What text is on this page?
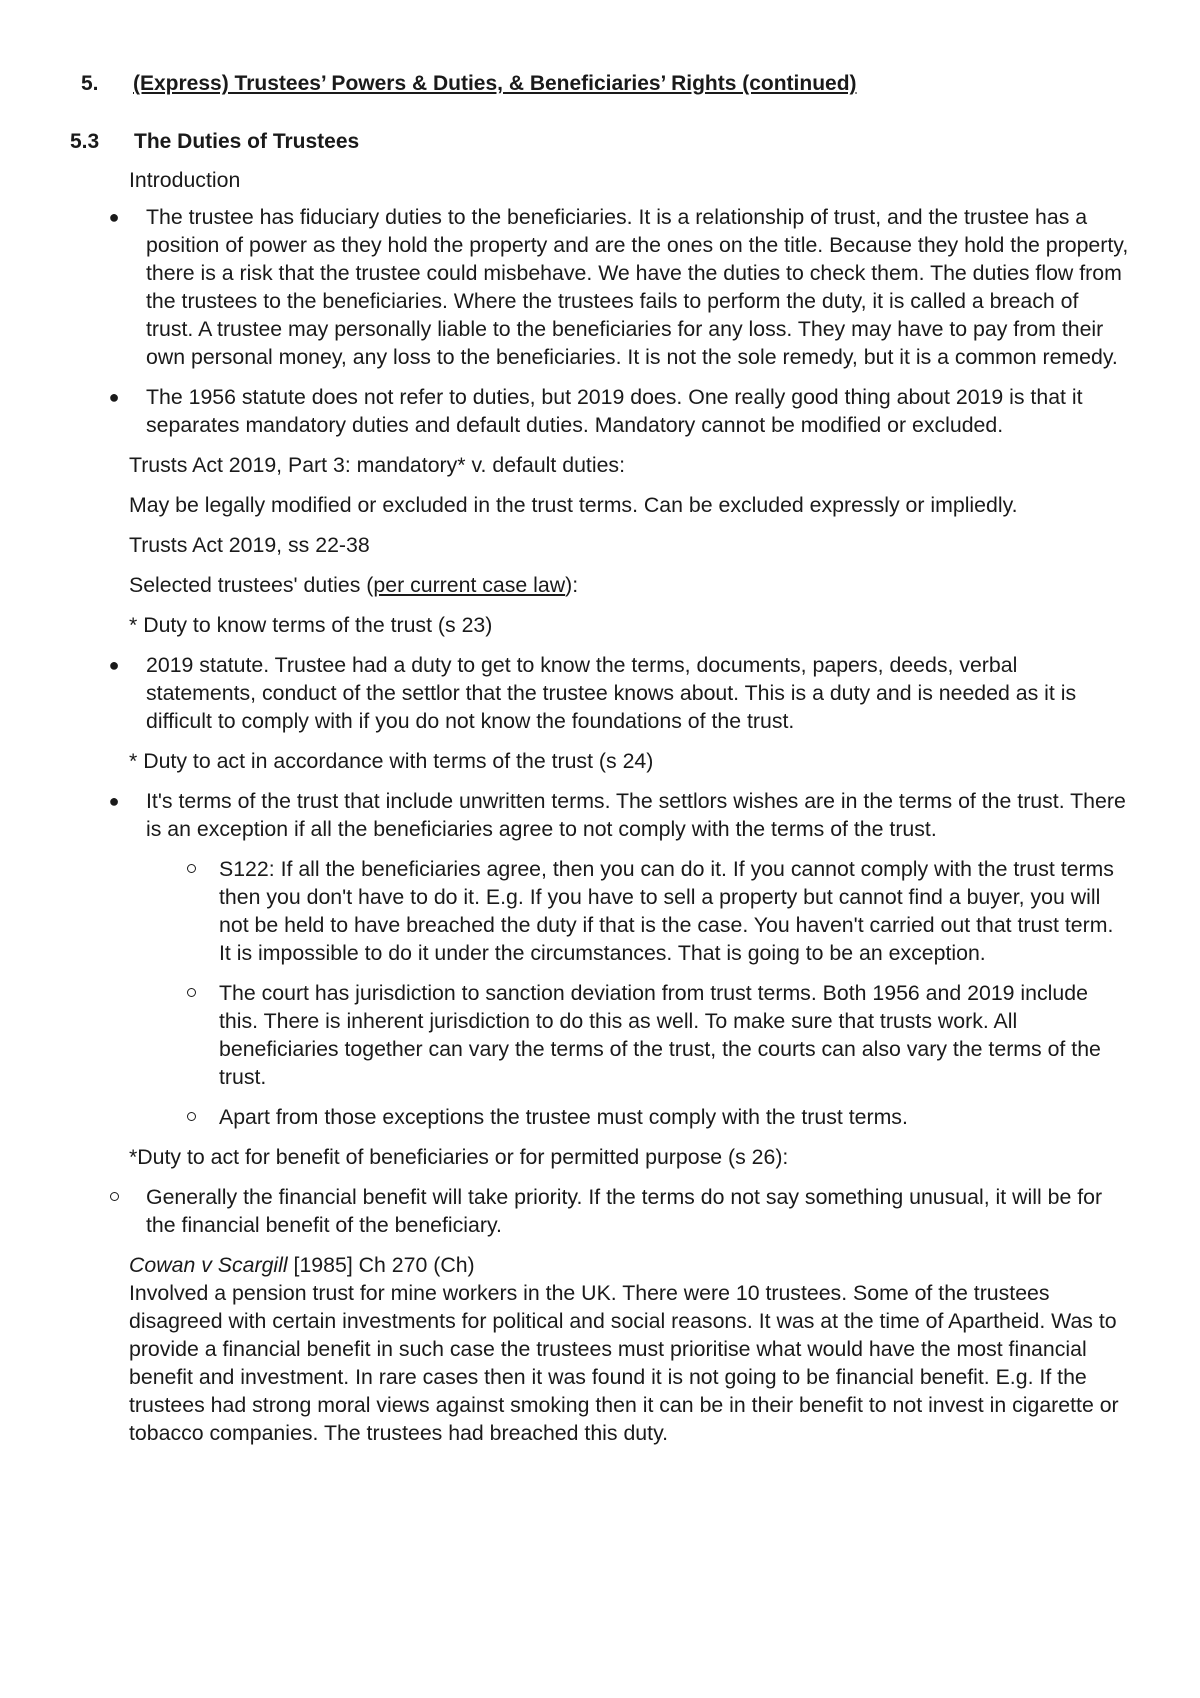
5. (Express) Trustees’ Powers & Duties, & Beneficiaries’ Rights (continued)
5.3 The Duties of Trustees
Introduction
● The trustee has fiduciary duties to the beneficiaries. It is a relationship of trust, and the trustee has a position of power as they hold the property and are the ones on the title. Because they hold the property, there is a risk that the trustee could misbehave. We have the duties to check them. The duties flow from the trustees to the beneficiaries. Where the trustees fails to perform the duty, it is called a breach of trust. A trustee may personally liable to the beneficiaries for any loss. They may have to pay from their own personal money, any loss to the beneficiaries. It is not the sole remedy, but it is a common remedy.
● The 1956 statute does not refer to duties, but 2019 does. One really good thing about 2019 is that it separates mandatory duties and default duties. Mandatory cannot be modified or excluded.
Trusts Act 2019, Part 3: mandatory* v. default duties:
May be legally modified or excluded in the trust terms. Can be excluded expressly or impliedly.
Trusts Act 2019, ss 22-38
Selected trustees' duties (per current case law):
* Duty to know terms of the trust (s 23)
● 2019 statute. Trustee had a duty to get to know the terms, documents, papers, deeds, verbal statements, conduct of the settlor that the trustee knows about. This is a duty and is needed as it is difficult to comply with if you do not know the foundations of the trust.
* Duty to act in accordance with terms of the trust (s 24)
● It's terms of the trust that include unwritten terms. The settlors wishes are in the terms of the trust. There is an exception if all the beneficiaries agree to not comply with the terms of the trust.
S122: If all the beneficiaries agree, then you can do it. If you cannot comply with the trust terms then you don't have to do it. E.g. If you have to sell a property but cannot find a buyer, you will not be held to have breached the duty if that is the case. You haven't carried out that trust term. It is impossible to do it under the circumstances. That is going to be an exception.
The court has jurisdiction to sanction deviation from trust terms. Both 1956 and 2019 include this. There is inherent jurisdiction to do this as well. To make sure that trusts work. All beneficiaries together can vary the terms of the trust, the courts can also vary the terms of the trust.
Apart from those exceptions the trustee must comply with the trust terms.
*Duty to act for benefit of beneficiaries or for permitted purpose (s 26):
Generally the financial benefit will take priority. If the terms do not say something unusual, it will be for the financial benefit of the beneficiary.
Cowan v Scargill [1985] Ch 270 (Ch)
Involved a pension trust for mine workers in the UK. There were 10 trustees. Some of the trustees disagreed with certain investments for political and social reasons. It was at the time of Apartheid. Was to provide a financial benefit in such case the trustees must prioritise what would have the most financial benefit and investment. In rare cases then it was found it is not going to be financial benefit. E.g. If the trustees had strong moral views against smoking then it can be in their benefit to not invest in cigarette or tobacco companies. The trustees had breached this duty.
